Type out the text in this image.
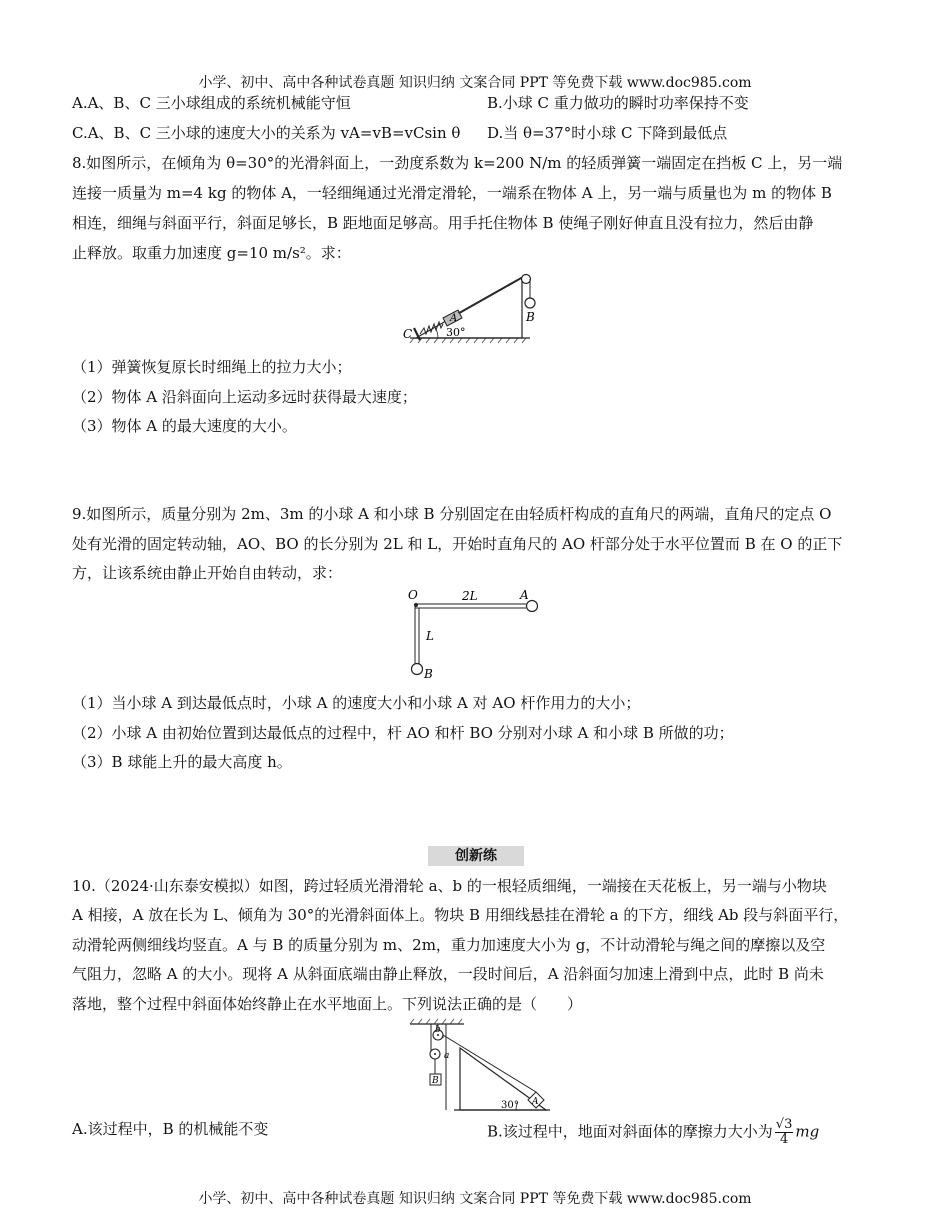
小学、初中、高中各种试卷真题 知识归纳 文案合同 PPT 等免费下载 www.doc985.com
A.A、B、C 三小球组成的系统机械能守恒	B.小球 C 重力做功的瞬时功率保持不变
C.A、B、C 三小球的速度大小的关系为 vA=vB=vCsin θ D.当 θ=37°时小球 C 下降到最低点
8.如图所示，在倾角为 θ=30°的光滑斜面上，一劲度系数为 k=200 N/m 的轻质弹簧一端固定在挡板 C 上，另一端
连接一质量为 m=4 kg 的物体 A，一轻细绳通过光滑定滑轮，一端系在物体 A 上，另一端与质量也为 m 的物体 B
相连，细绳与斜面平行，斜面足够长，B 距地面足够高。用手托住物体 B 使绳子刚好伸直且没有拉力，然后由静
止释放。取重力加速度 g=10 m/s²。求：
C
A	B
30°
（1）弹簧恢复原长时细绳上的拉力大小；
（2）物体 A 沿斜面向上运动多远时获得最大速度；
（3）物体 A 的最大速度的大小。
9.如图所示，质量分别为 2m、3m 的小球 A 和小球 B 分别固定在由轻质杆构成的直角尺的两端，直角尺的定点 O
处有光滑的固定转动轴，AO、BO 的长分别为 2L 和 L，开始时直角尺的 AO 杆部分处于水平位置而 B 在 O 的正下
方，让该系统由静止开始自由转动，求：
O	2L	A
L
B
（1）当小球 A 到达最低点时，小球 A 的速度大小和小球 A 对 AO 杆作用力的大小；
（2）小球 A 由初始位置到达最低点的过程中，杆 AO 和杆 BO 分别对小球 A 和小球 B 所做的功；
（3）B 球能上升的最大高度 h。
创新练
10.（2024·山东泰安模拟）如图，跨过轻质光滑滑轮 a、b 的一根轻质细绳，一端接在天花板上，另一端与小物块
A 相接，A 放在长为 L、倾角为 30°的光滑斜面体上。物块 B 用细线悬挂在滑轮 a 的下方，细线 Ab 段与斜面平行，
动滑轮两侧细线均竖直。A 与 B 的质量分别为 m、2m，重力加速度大小为 g，不计动滑轮与绳之间的摩擦以及空
气阻力，忽略 A 的大小。现将 A 从斜面底端由静止释放，一段时间后，A 沿斜面匀加速上滑到中点，此时 B 尚未
落地，整个过程中斜面体始终静止在水平地面上。下列说法正确的是（　　）
b
a
B
A
30°
A.该过程中，B 的机械能不变	B.该过程中，地面对斜面体的摩擦力大小为 $\frac{√3}{4}$ mg
小学、初中、高中各种试卷真题 知识归纳 文案合同 PPT 等免费下载 www.doc985.com
